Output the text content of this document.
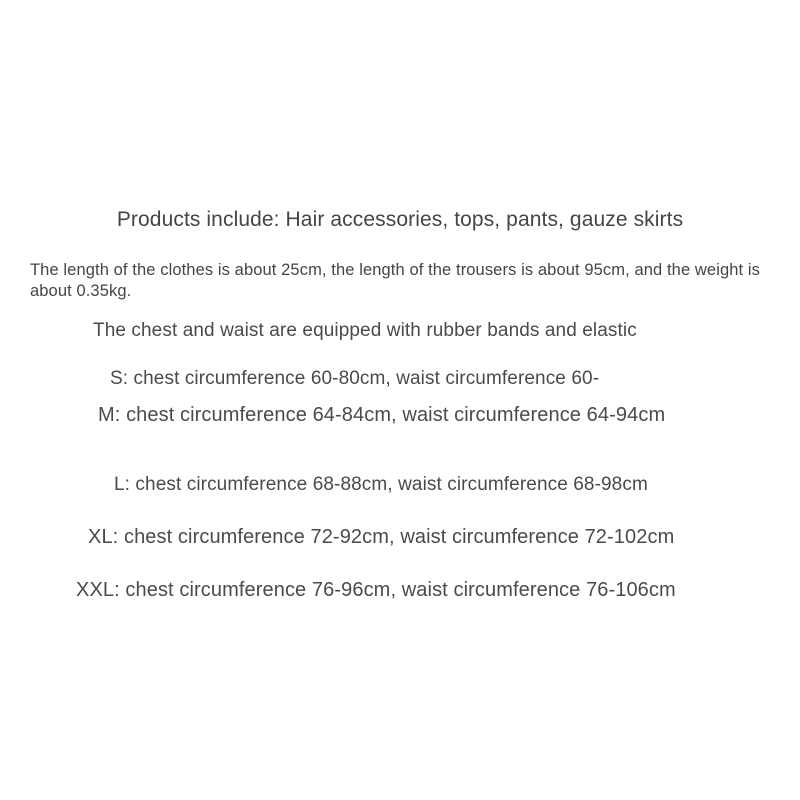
Products include: Hair accessories, tops, pants, gauze skirts
The length of the clothes is about 25cm, the length of the trousers is about 95cm, and the weight is about 0.35kg.
The chest and waist are equipped with rubber bands and elastic
S: chest circumference 60-80cm, waist circumference 60-
M: chest circumference 64-84cm, waist circumference 64-94cm
L: chest circumference 68-88cm, waist circumference 68-98cm
XL: chest circumference 72-92cm, waist circumference 72-102cm
XXL: chest circumference 76-96cm, waist circumference 76-106cm
